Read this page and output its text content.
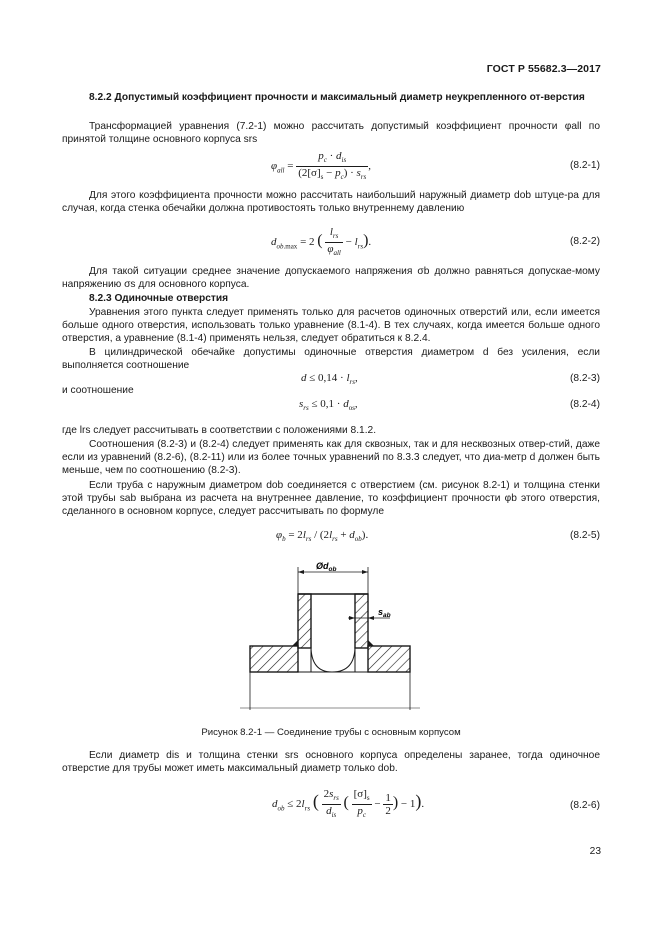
ГОСТ Р 55682.3—2017
8.2.2 Допустимый коэффициент прочности и максимальный диаметр неукрепленного от-верстия
Трансформацией уравнения (7.2-1) можно рассчитать допустимый коэффициент прочности φall по принятой толщине основного корпуса srs
$\varphi_{all} = \frac{p_c \cdot d_{is}}{(2[\sigma]_s - p_c) \cdot s_{rs}}$ ,	(8.2-1)
Для этого коэффициента прочности можно рассчитать наибольший наружный диаметр dob штуце-ра для случая, когда стенка обечайки должна противостоять только внутреннему давлению
$d_{ob.max} = 2$ ( $\frac{l_{rs}}{\varphi_{all}} - l_{rs}$).	(8.2-2)
Для такой ситуации среднее значение допускаемого напряжения σb должно равняться допускае-мому напряжению σs для основного корпуса.
8.2.3 Одиночные отверстия
Уравнения этого пункта следует применять только для расчетов одиночных отверстий или, если имеется больше одного отверстия, использовать только уравнение (8.1-4). В тех случаях, когда имеется больше одного отверстия, а уравнение (8.1-4) применять нельзя, следует обратиться к 8.2.4.
В цилиндрической обечайке допустимы одиночные отверстия диаметром d без усиления, если выполняется соотношение
$d \le 0,14 \cdot l_{rs}$,	(8.2-3)
и соотношение
$s_{rs} \le 0,1 \cdot d_{os}$,	(8.2-4)
где lrs следует рассчитывать в соответствии с положениями 8.1.2.
Соотношения (8.2-3) и (8.2-4) следует применять как для сквозных, так и для несквозных отвер-стий, даже если из уравнений (8.2-6), (8.2-11) или из более точных уравнений по 8.3.3 следует, что диа-метр d должен быть меньше, чем по соотношению (8.2-3).
Если труба с наружным диаметром dob соединяется с отверстием (см. рисунок 8.2-1) и толщина стенки этой трубы sab выбрана из расчета на внутреннее давление, то коэффициент прочности φb этого отверстия, сделанного в основном корпусе, следует рассчитывать по формуле
$\varphi_b = 2l_{rs} / (2l_{rs} + d_{ob})$.	(8.2-5)
$Ød_{ob}$
$s_{ab}$
Рисунок 8.2-1 — Соединение трубы с основным корпусом
Если диаметр dis и толщина стенки srs основного корпуса определены заранее, тогда одиночное отверстие для трубы может иметь максимальный диаметр только dob.
$d_{ob} \le 2l_{rs}$ ( $\frac{2s_{rs}}{d_{is}}$ ( $\frac{[\sigma]_s}{p_c} - \frac{1}{2}$ ) − 1).	(8.2-6)
23
